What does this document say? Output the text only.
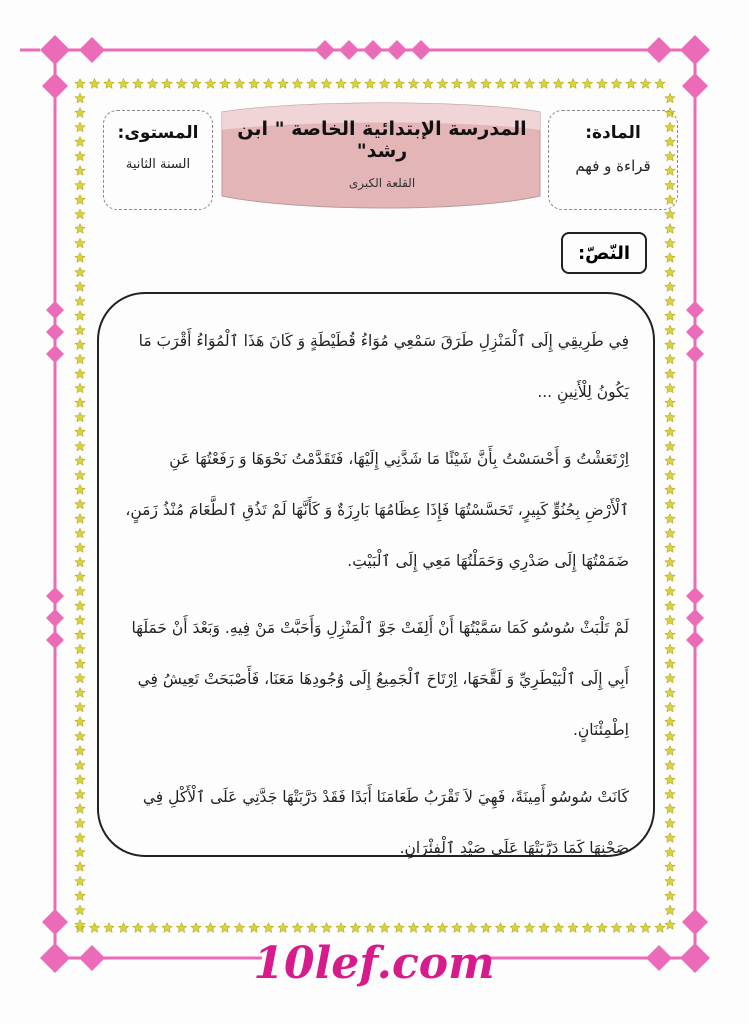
10lef.com
المادة:
قراءة و فهم
المدرسة الإبتدائية الخاصة " ابن رشد"
القلعة الكبرى
المستوى:
السنة الثانية
النّصّ:

فِي طَرِيقِي إِلَى ٱلْمَنْزِلِ طَرَقَ سَمْعِي مُوَاءُ قُطَيْطَةٍ وَ كَانَ هَذَا ٱلْمُوَاءُ أَقْرَبَ مَا يَكُونُ لِلْأَنِينِ ...

اِرْتَعَشْتُ وَ أَحْسَسْتُ بِأَنَّ شَيْئًا مَا شَدَّنِي إِلَيْهَا، فَتَقَدَّمْتُ نَحْوَهَا وَ رَفَعْتُهَا عَنِ ٱلْأَرْضِ بِحُنُوٍّ كَبِيرٍ، تَحَسَّسْتُهَا فَإِذَا عِظَامُهَا بَارِزَةٌ وَ كَأَنَّهَا لَمْ تَذُقِ ٱلطَّعَامَ مُنْذُ زَمَنٍ، ضَمَمْتُهَا إِلَى صَدْرِي وَحَمَلْتُهَا مَعِي إِلَى ٱلْبَيْتِ.

لَمْ تَلْبَثْ سُوسُو كَمَا سَمَّيْتُهَا أَنْ أَلِفَتْ جَوَّ ٱلْمَنْزِلِ وَأَحَبَّتْ مَنْ فِيهِ. وَبَعْدَ أَنْ حَمَلَهَا أَبِي إِلَى ٱلْبَيْطَرِيِّ وَ لَقَّحَهَا، اِرْتَاحَ ٱلْجَمِيعُ إِلَى وُجُودِهَا مَعَنَا، فَأَصْبَحَتْ تَعِيشُ فِي اِطْمِئْنَانٍ.

كَانَتْ سُوسُو أَمِينَةً، فَهِيَ لاَ تَقْرَبُ طَعَامَنَا أَبَدًا فَقَدْ دَرَّبَتْهَا جَدَّتِي عَلَى ٱلْأَكْلِ فِي صَحْنِهَا كَمَا دَرَّبَتْهَا عَلَى صَيْدِ ٱلْفِئْرَانِ.
